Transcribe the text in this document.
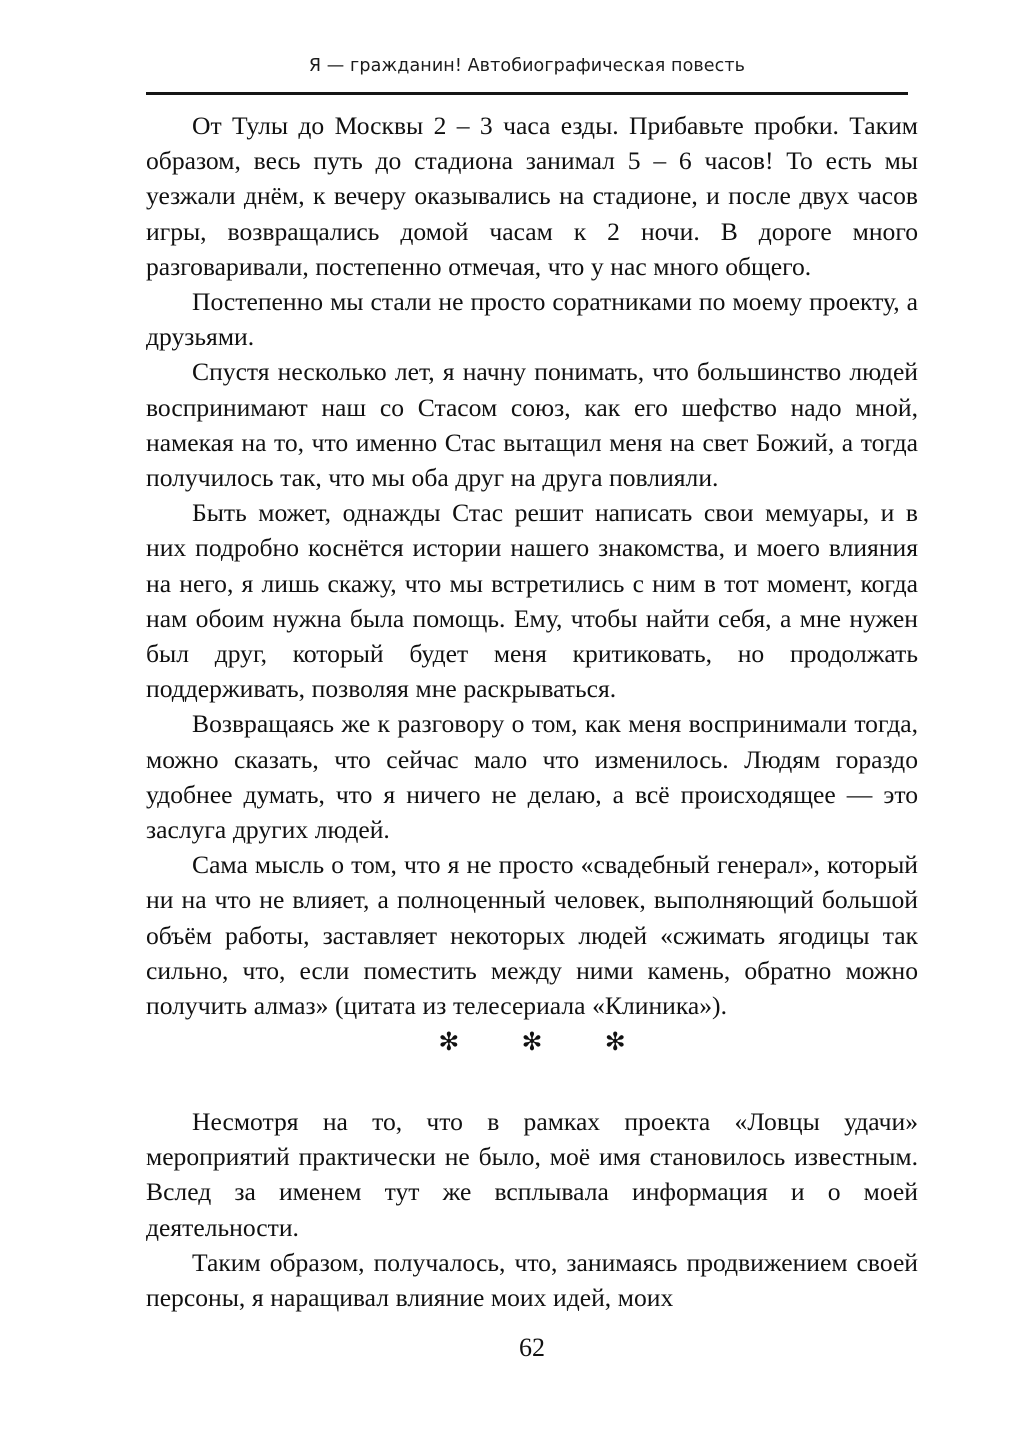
Я — гражданин! Автобиографическая повесть

От Тулы до Москвы 2 – 3 часа езды. Прибавьте пробки. Таким образом, весь путь до стадиона занимал 5 – 6 часов! То есть мы уезжали днём, к вечеру оказывались на стадионе, и после двух часов игры, возвращались домой часам к 2 ночи. В дороге много разговаривали, постепенно отмечая, что у нас много общего.

Постепенно мы стали не просто соратниками по моему проекту, а друзьями.

Спустя несколько лет, я начну понимать, что большинство людей воспринимают наш со Стасом союз, как его шефство надо мной, намекая на то, что именно Стас вытащил меня на свет Божий, а тогда получилось так, что мы оба друг на друга повлияли.

Быть может, однажды Стас решит написать свои мемуары, и в них подробно коснётся истории нашего знакомства, и моего влияния на него, я лишь скажу, что мы встретились с ним в тот момент, когда нам обоим нужна была помощь. Ему, чтобы найти себя, а мне нужен был друг, который будет меня критиковать, но продолжать поддерживать, позволяя мне раскрываться.

Возвращаясь же к разговору о том, как меня воспринимали тогда, можно сказать, что сейчас мало что изменилось. Людям гораздо удобнее думать, что я ничего не делаю, а всё происходящее — это заслуга других людей.

Сама мысль о том, что я не просто «свадебный генерал», который ни на что не влияет, а полноценный человек, выполняющий большой объём работы, заставляет некоторых людей «сжимать ягодицы так сильно, что, если поместить между ними камень, обратно можно получить алмаз» (цитата из телесериала «Клиника»).

✻ ✻ ✻

Несмотря на то, что в рамках проекта «Ловцы удачи» мероприятий практически не было, моё имя становилось известным. Вслед за именем тут же всплывала информация и о моей деятельности.

Таким образом, получалось, что, занимаясь продвижением своей персоны, я наращивал влияние моих идей, моих

62
